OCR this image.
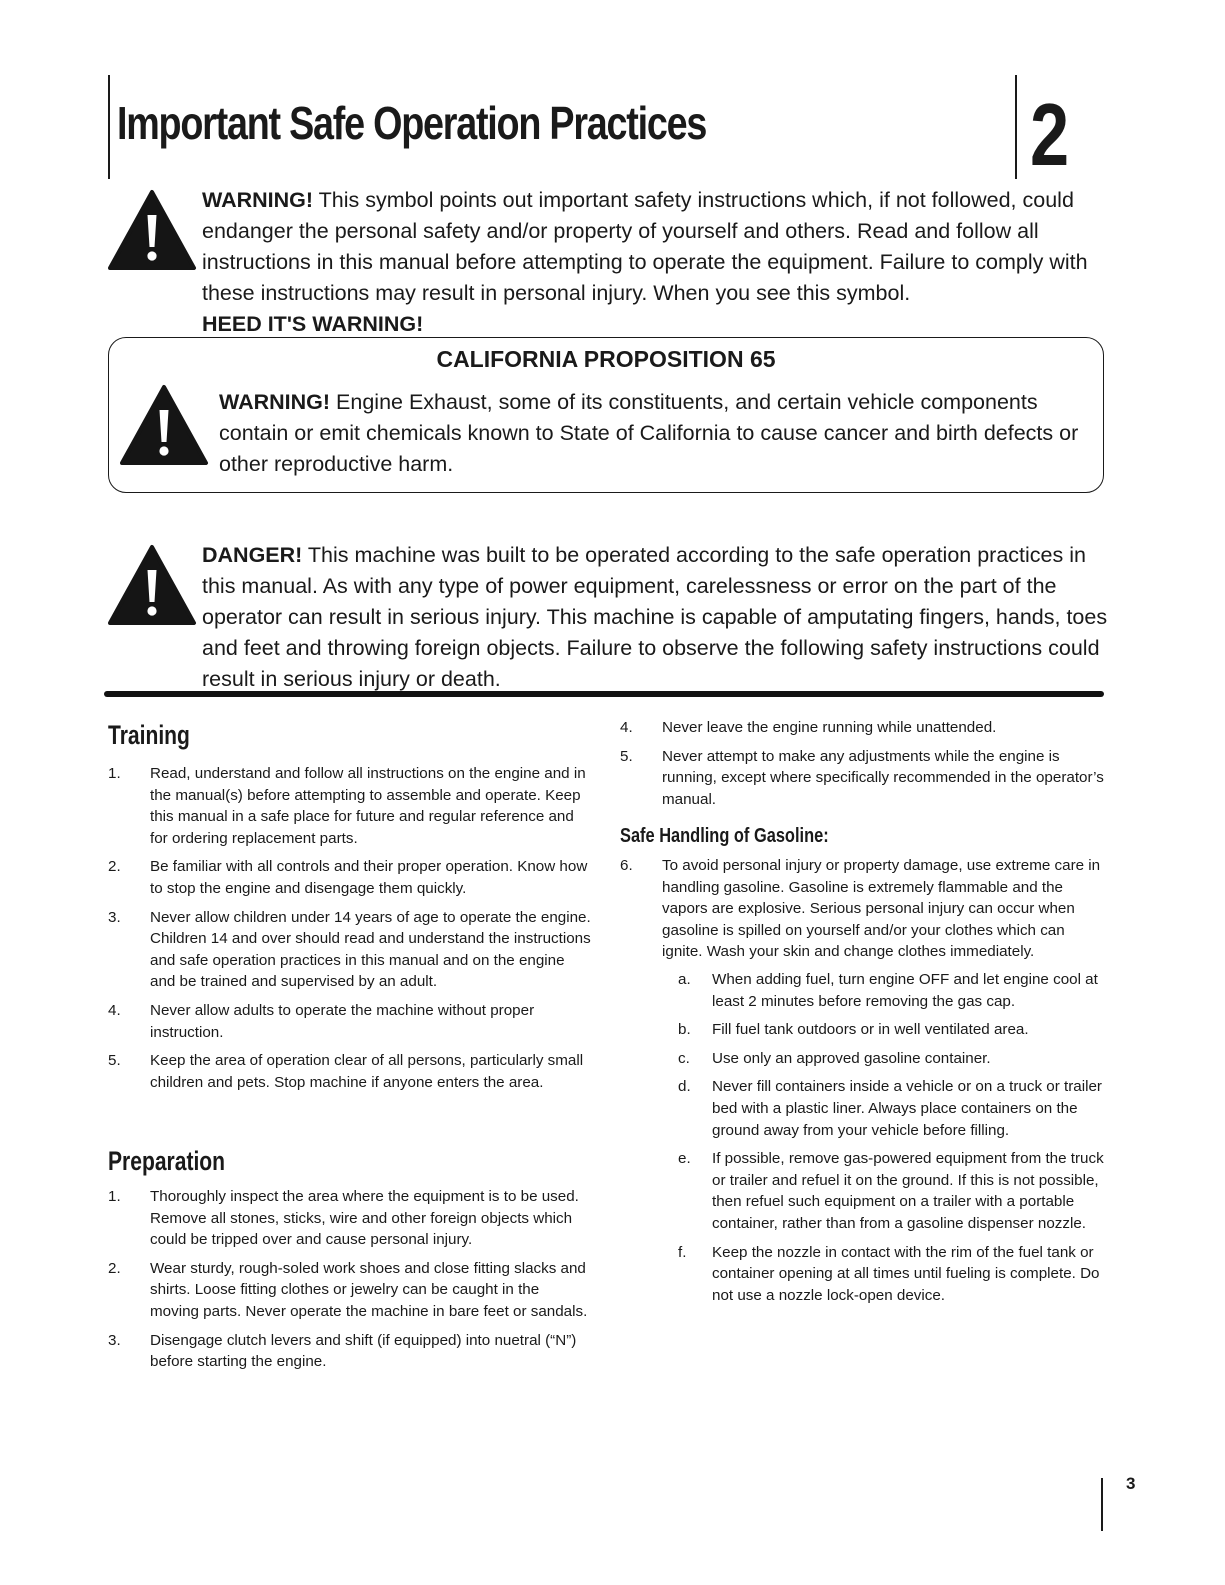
Important Safe Operation Practices	2

WARNING! This symbol points out important safety instructions which, if not followed, could endanger the personal safety and/or property of yourself and others. Read and follow all instructions in this manual before attempting to operate the equipment. Failure to comply with these instructions may result in personal injury. When you see this symbol.
HEED IT'S WARNING!

CALIFORNIA PROPOSITION 65

WARNING! Engine Exhaust, some of its constituents, and certain vehicle components contain or emit chemicals known to State of California to cause cancer and birth defects or other reproductive harm.

DANGER! This machine was built to be operated according to the safe operation practices in this manual. As with any type of power equipment, carelessness or error on the part of the operator can result in serious injury. This machine is capable of amputating fingers, hands, toes and feet and throwing foreign objects. Failure to observe the following safety instructions could result in serious injury or death.

Training
1. Read, understand and follow all instructions on the engine and in the manual(s) before attempting to assemble and operate. Keep this manual in a safe place for future and regular reference and for ordering replacement parts.
2. Be familiar with all controls and their proper operation. Know how to stop the engine and disengage them quickly.
3. Never allow children under 14 years of age to operate the engine. Children 14 and over should read and understand the instructions and safe operation practices in this manual and on the engine and be trained and supervised by an adult.
4. Never allow adults to operate the machine without proper instruction.
5. Keep the area of operation clear of all persons, particularly small children and pets. Stop machine if anyone enters the area.
Preparation
1. Thoroughly inspect the area where the equipment is to be used. Remove all stones, sticks, wire and other foreign objects which could be tripped over and cause personal injury.
2. Wear sturdy, rough-soled work shoes and close fitting slacks and shirts. Loose fitting clothes or jewelry can be caught in the moving parts. Never operate the machine in bare feet or sandals.
3. Disengage clutch levers and shift (if equipped) into nuetral (“N”) before starting the engine.
4. Never leave the engine running while unattended.
5. Never attempt to make any adjustments while the engine is running, except where specifically recommended in the operator’s manual.
Safe Handling of Gasoline:
6. To avoid personal injury or property damage, use extreme care in handling gasoline. Gasoline is extremely flammable and the vapors are explosive. Serious personal injury can occur when gasoline is spilled on yourself and/or your clothes which can ignite. Wash your skin and change clothes immediately.
a. When adding fuel, turn engine OFF and let engine cool at least 2 minutes before removing the gas cap.
b. Fill fuel tank outdoors or in well ventilated area.
c. Use only an approved gasoline container.
d. Never fill containers inside a vehicle or on a truck or trailer bed with a plastic liner. Always place containers on the ground away from your vehicle before filling.
e. If possible, remove gas-powered equipment from the truck or trailer and refuel it on the ground. If this is not possible, then refuel such equipment on a trailer with a portable container, rather than from a gasoline dispenser nozzle.
f. Keep the nozzle in contact with the rim of the fuel tank or container opening at all times until fueling is complete. Do not use a nozzle lock-open device.
3
